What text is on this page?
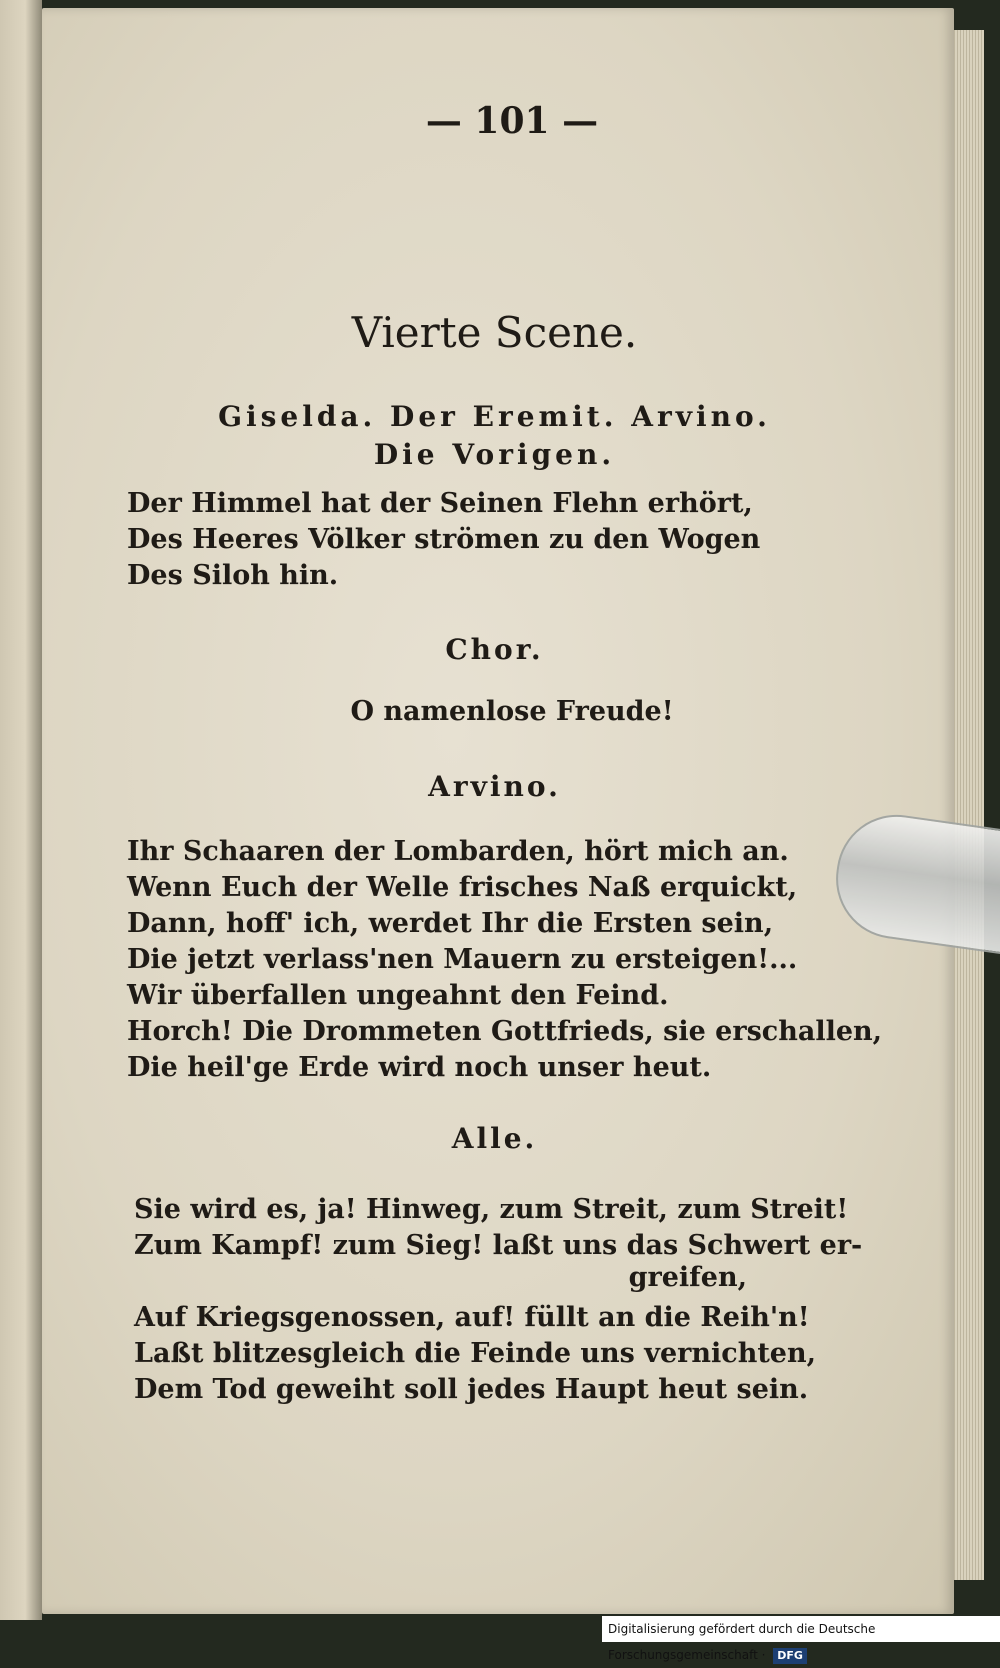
— 101 —
Vierte Scene.
Giselda. Der Eremit. Arvino.
Die Vorigen.
Der Himmel hat der Seinen Flehn erhört,
Des Heeres Völker strömen zu den Wogen
Des Siloh hin.
Chor.
O namenlose Freude!
Arvino.
Ihr Schaaren der Lombarden, hört mich an.
Wenn Euch der Welle frisches Naß erquickt,
Dann, hoff' ich, werdet Ihr die Ersten sein,
Die jetzt verlass'nen Mauern zu ersteigen!...
Wir überfallen ungeahnt den Feind.
Horch! Die Drommeten Gottfrieds, sie erschallen,
Die heil'ge Erde wird noch unser heut.
Alle.
Sie wird es, ja! Hinweg, zum Streit, zum Streit!
Zum Kampf! zum Sieg! laßt uns das Schwert er-
greifen,
Auf Kriegsgenossen, auf! füllt an die Reih'n!
Laßt blitzesgleich die Feinde uns vernichten,
Dem Tod geweiht soll jedes Haupt heut sein.
Digitalisierung gefördert durch die Deutsche Forschungsgemeinschaft · DFG
